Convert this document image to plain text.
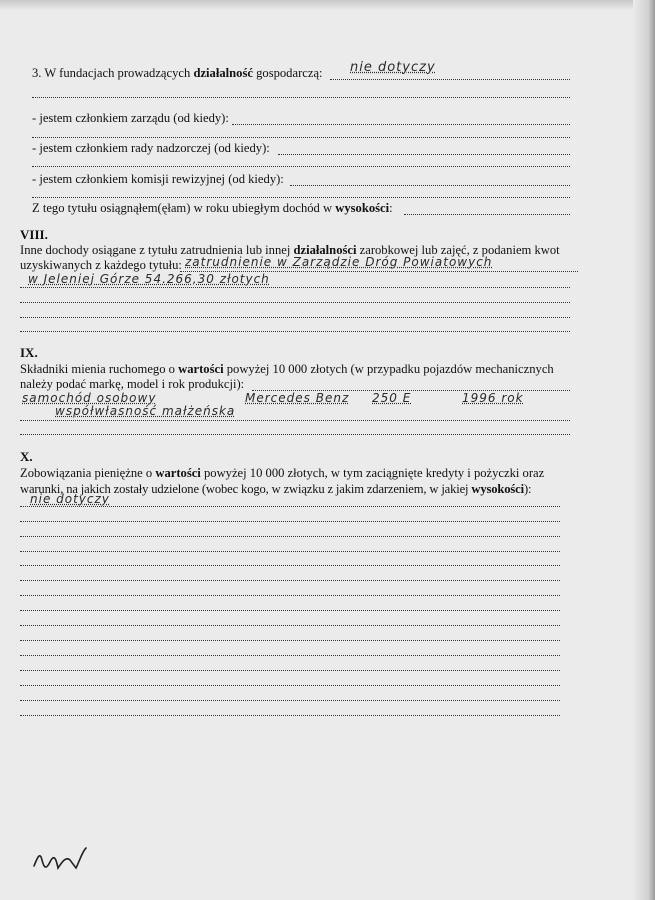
3. W fundacjach prowadzących działalność gospodarczą: nie dotyczy
- jestem członkiem zarządu (od kiedy):
- jestem członkiem rady nadzorczej (od kiedy):
- jestem członkiem komisji rewizyjnej (od kiedy):
Z tego tytułu osiągnąłem(ęłam) w roku ubiegłym dochód w wysokości:
VIII.
Inne dochody osiągane z tytułu zatrudnienia lub innej działalności zarobkowej lub zajęć, z podaniem kwot
uzyskiwanych z każdego tytułu: zatrudnienie w Zarządzie Dróg Powiatowych
w Jeleniej Górze 54.266,30 złotych
IX.
Składniki mienia ruchomego o wartości powyżej 10 000 złotych (w przypadku pojazdów mechanicznych
należy podać markę, model i rok produkcji):
samochód osobowy	Mercedes Benz 250 E	1996 rok
współwłasność małżeńska
X.
Zobowiązania pieniężne o wartości powyżej 10 000 złotych, w tym zaciągnięte kredyty i pożyczki oraz
warunki, na jakich zostały udzielone (wobec kogo, w związku z jakim zdarzeniem, w jakiej wysokości):
nie dotyczy
